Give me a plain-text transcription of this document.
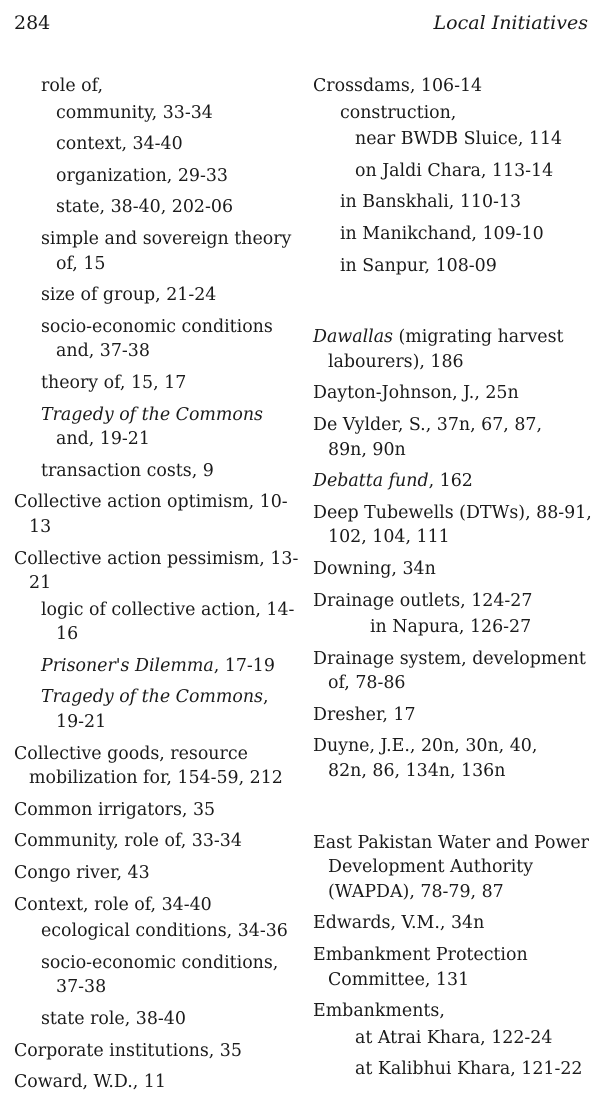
284	Local Initiatives
role of,
community, 33-34
context, 34-40
organization, 29-33
state, 38-40, 202-06
simple and sovereign theory
of, 15
size of group, 21-24
socio-economic conditions
and, 37-38
theory of, 15, 17
Tragedy of the Commons
and, 19-21
transaction costs, 9
Collective action optimism, 10-
13
Collective action pessimism, 13-
21
logic of collective action, 14-
16
Prisoner's Dilemma, 17-19
Tragedy of the Commons,
19-21
Collective goods, resource
mobilization for, 154-59, 212
Common irrigators, 35
Community, role of, 33-34
Congo river, 43
Context, role of, 34-40
ecological conditions, 34-36
socio-economic conditions,
37-38
state role, 38-40
Corporate institutions, 35
Coward, W.D., 11
Crossdams, 106-14
construction,
near BWDB Sluice, 114
on Jaldi Chara, 113-14
in Banskhali, 110-13
in Manikchand, 109-10
in Sanpur, 108-09
Dawallas (migrating harvest
labourers), 186
Dayton-Johnson, J., 25n
De Vylder, S., 37n, 67, 87,
89n, 90n
Debatta fund, 162
Deep Tubewells (DTWs), 88-91,
102, 104, 111
Downing, 34n
Drainage outlets, 124-27
in Napura, 126-27
Drainage system, development
of, 78-86
Dresher, 17
Duyne, J.E., 20n, 30n, 40,
82n, 86, 134n, 136n
East Pakistan Water and Power
Development Authority
(WAPDA), 78-79, 87
Edwards, V.M., 34n
Embankment Protection
Committee, 131
Embankments,
at Atrai Khara, 122-24
at Kalibhui Khara, 121-22
